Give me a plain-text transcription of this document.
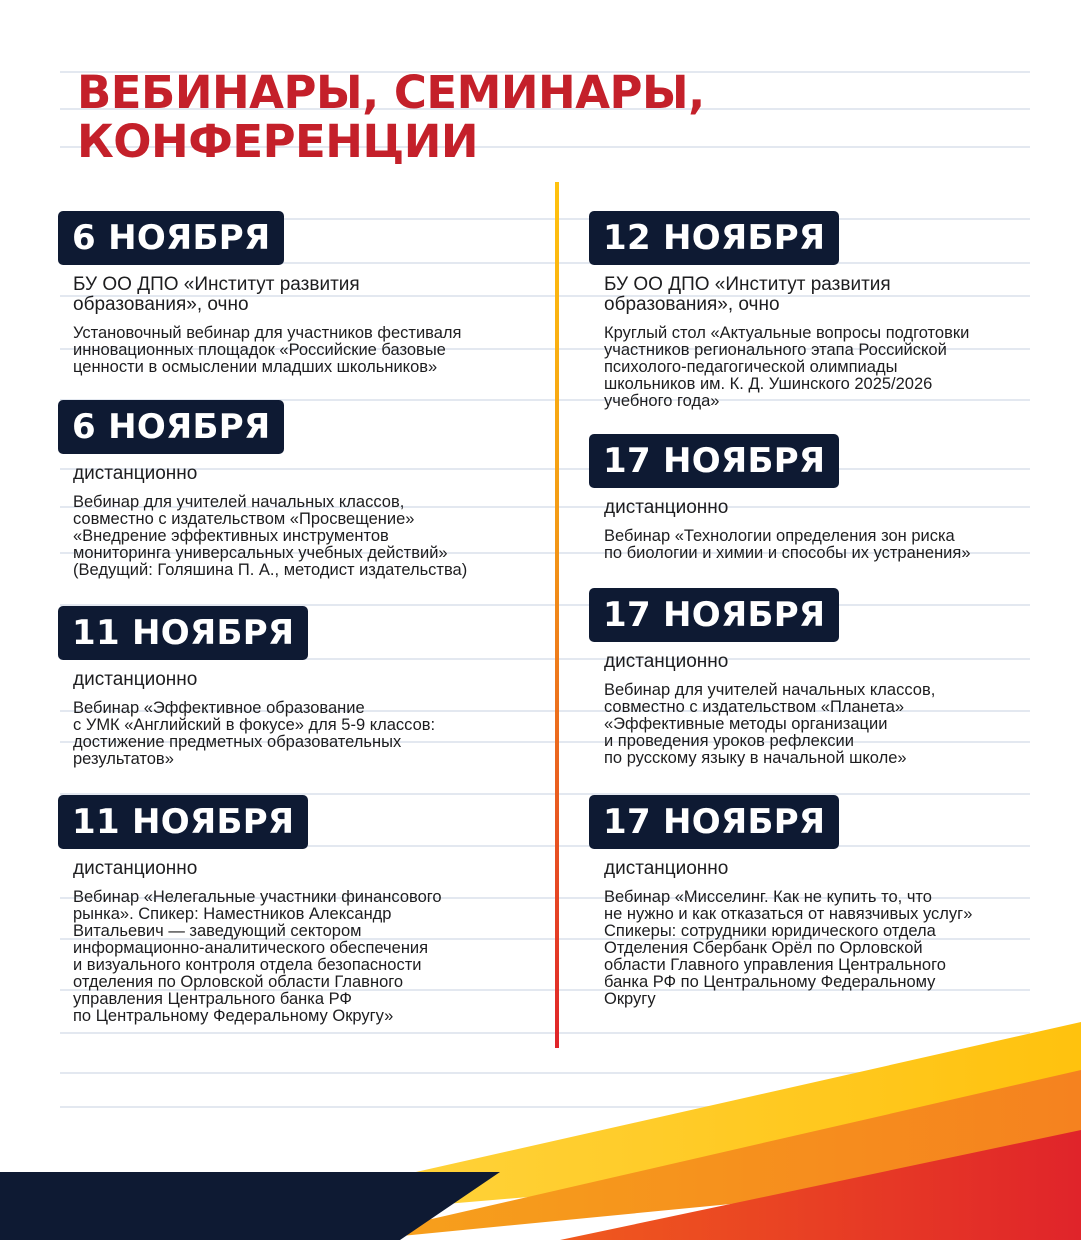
ВЕБИНАРЫ, СЕМИНАРЫ,
КОНФЕРЕНЦИИ
6 НОЯБРЯ
БУ ОО ДПО «Институт развития
образования», очно
Установочный вебинар для участников фестиваля
инновационных площадок «Российские базовые
ценности в осмыслении младших школьников»
6 НОЯБРЯ
дистанционно
Вебинар для учителей начальных классов,
совместно с издательством «Просвещение»
«Внедрение эффективных инструментов
мониторинга универсальных учебных действий»
(Ведущий: Голяшина П. А., методист издательства)
11 НОЯБРЯ
дистанционно
Вебинар «Эффективное образование
с УМК «Английский в фокусе» для 5-9 классов:
достижение предметных образовательных
результатов»
11 НОЯБРЯ
дистанционно
Вебинар «Нелегальные участники финансового
рынка». Спикер: Наместников Александр
Витальевич — заведующий сектором
информационно-аналитического обеспечения
и визуального контроля отдела безопасности
отделения по Орловской области Главного
управления Центрального банка РФ
по Центральному Федеральному Округу»
12 НОЯБРЯ
БУ ОО ДПО «Институт развития
образования», очно
Круглый стол «Актуальные вопросы подготовки
участников регионального этапа Российской
психолого-педагогической олимпиады
школьников им. К. Д. Ушинского 2025/2026
учебного года»
17 НОЯБРЯ
дистанционно
Вебинар «Технологии определения зон риска
по биологии и химии и способы их устранения»
17 НОЯБРЯ
дистанционно
Вебинар для учителей начальных классов,
совместно с издательством «Планета»
«Эффективные методы организации
и проведения уроков рефлексии
по русскому языку в начальной школе»
17 НОЯБРЯ
дистанционно
Вебинар «Мисселинг. Как не купить то, что
не нужно и как отказаться от навязчивых услуг»
Спикеры: сотрудники юридического отдела
Отделения Сбербанк Орёл по Орловской
области Главного управления Центрального
банка РФ по Центральному Федеральному
Округу
